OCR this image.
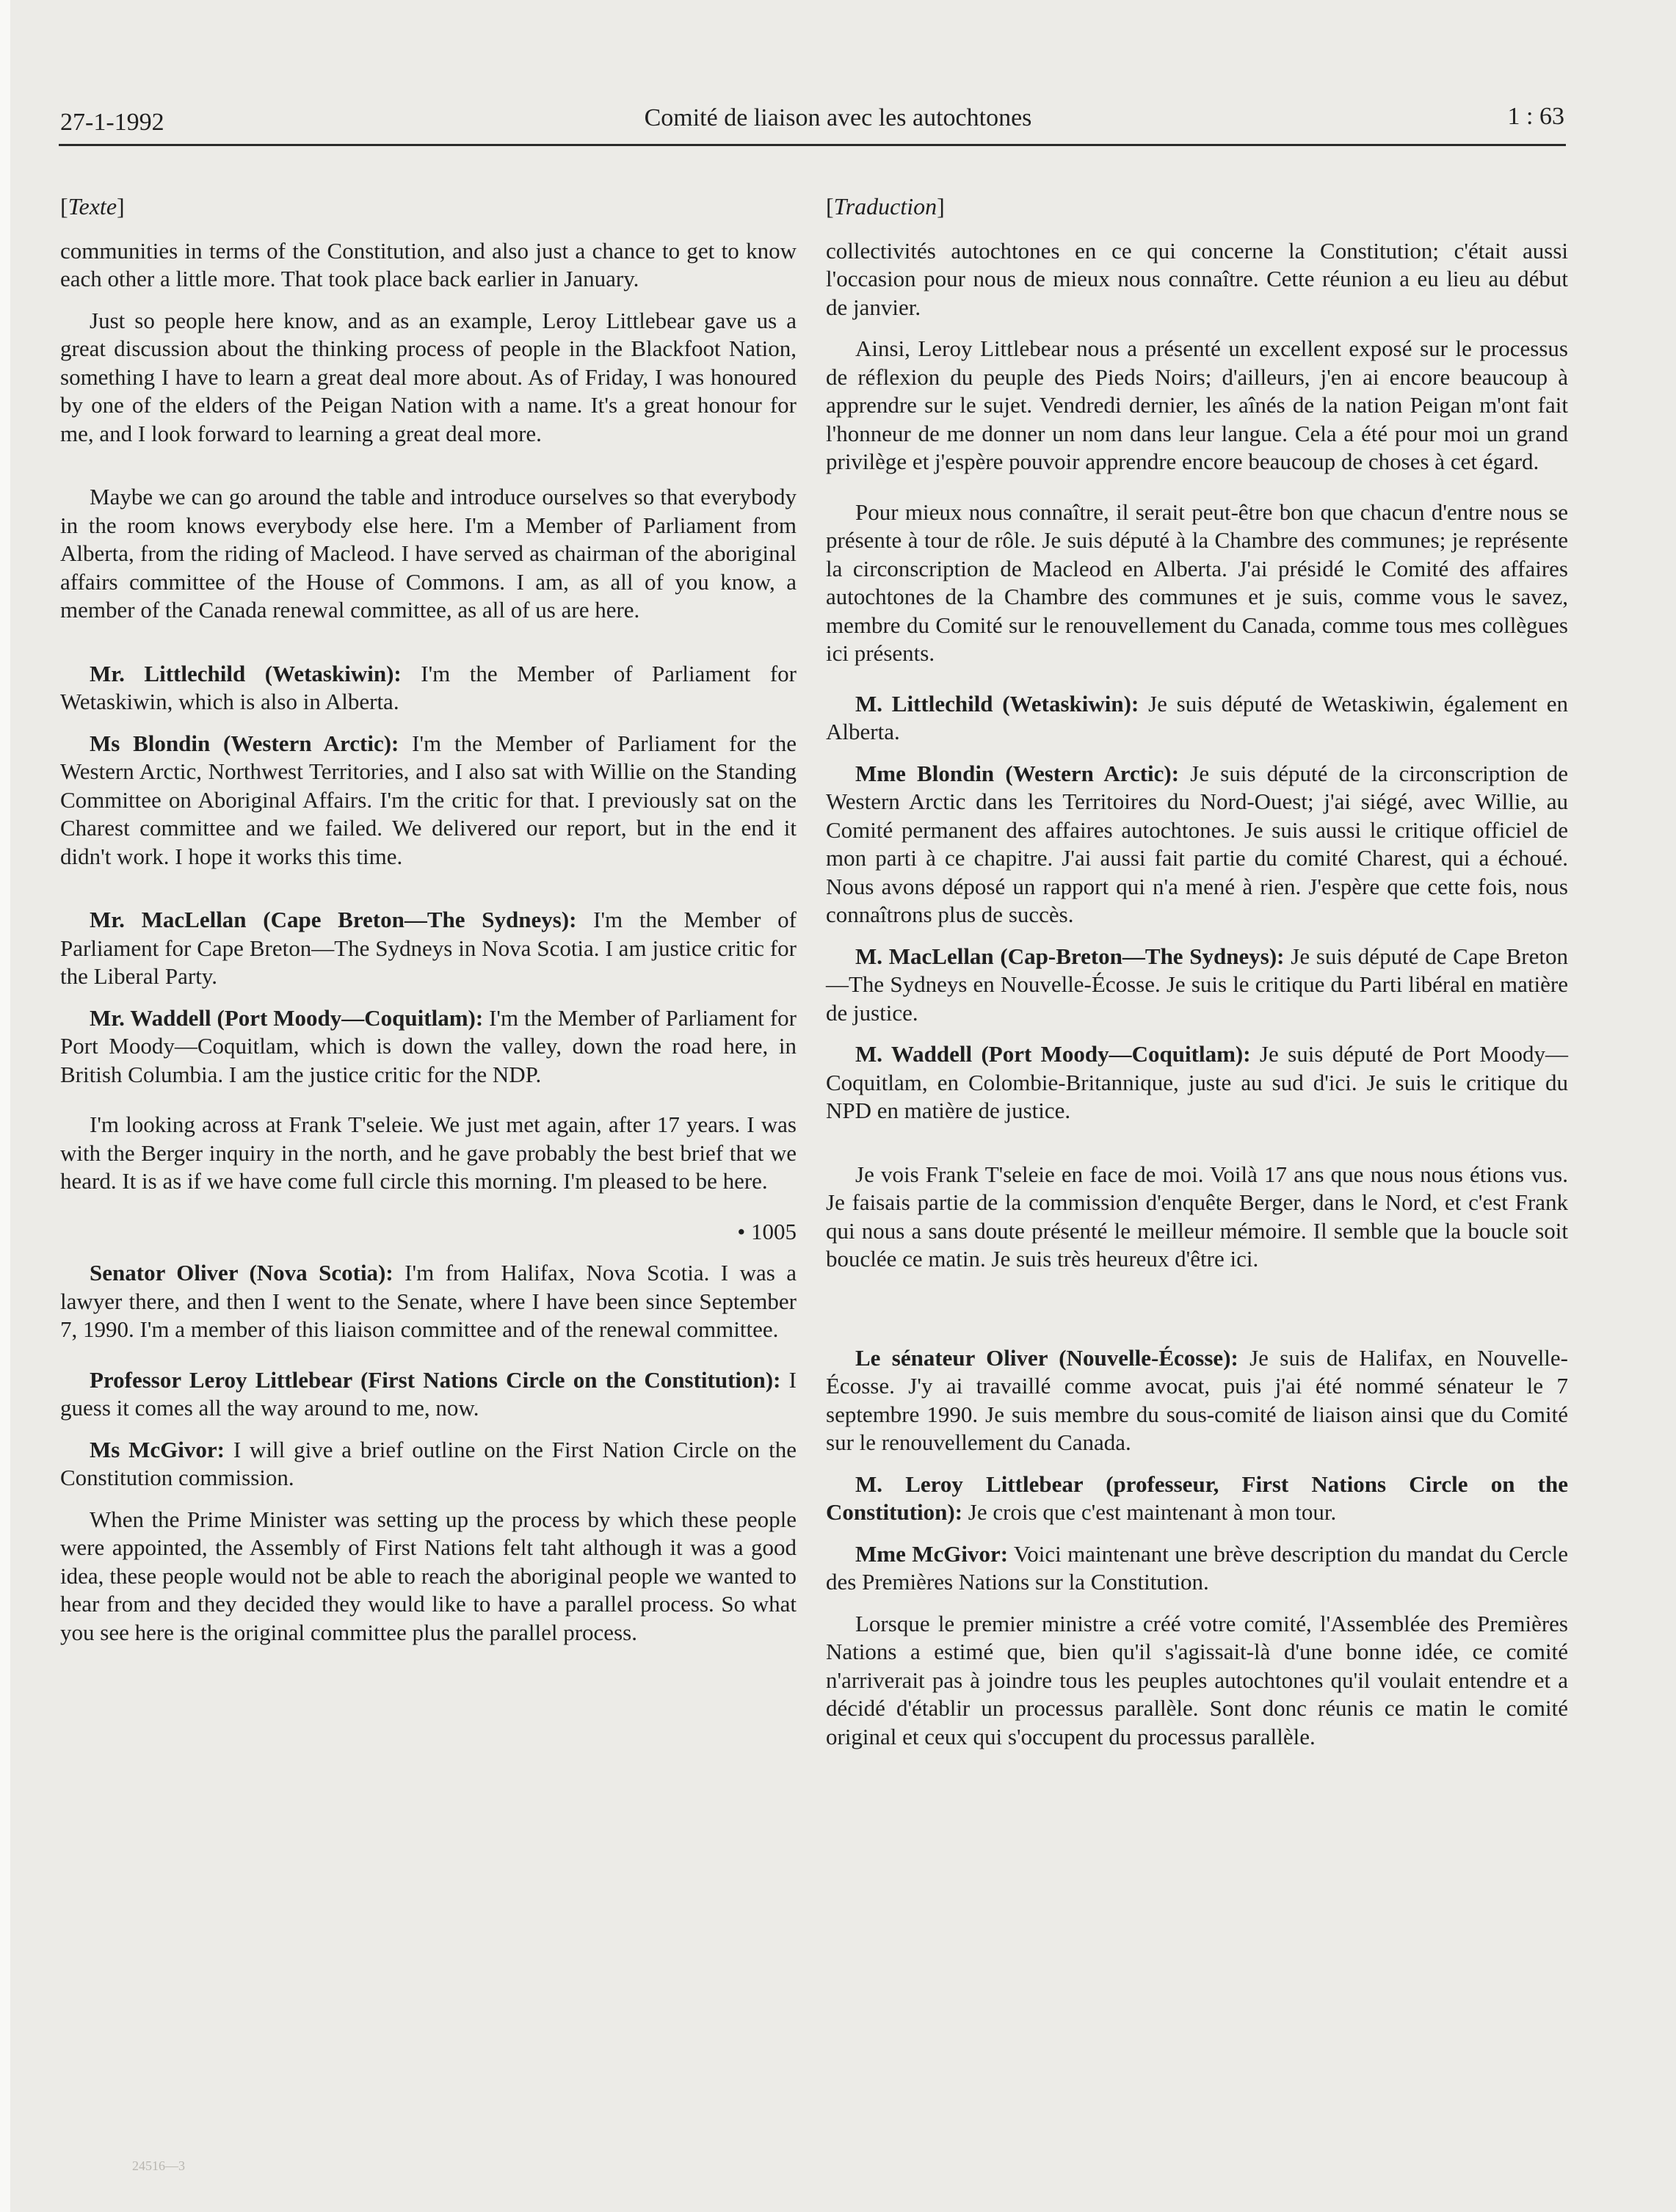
27-1-1992	Comité de liaison avec les autochtones	1 : 63
[Texte]

communities in terms of the Constitution, and also just a chance to get to know each other a little more. That took place back earlier in January.

Just so people here know, and as an example, Leroy Littlebear gave us a great discussion about the thinking process of people in the Blackfoot Nation, something I have to learn a great deal more about. As of Friday, I was honoured by one of the elders of the Peigan Nation with a name. It's a great honour for me, and I look forward to learning a great deal more.

Maybe we can go around the table and introduce ourselves so that everybody in the room knows everybody else here. I'm a Member of Parliament from Alberta, from the riding of Macleod. I have served as chairman of the aboriginal affairs committee of the House of Commons. I am, as all of you know, a member of the Canada renewal committee, as all of us are here.

Mr. Littlechild (Wetaskiwin): I'm the Member of Parliament for Wetaskiwin, which is also in Alberta.

Ms Blondin (Western Arctic): I'm the Member of Parliament for the Western Arctic, Northwest Territories, and I also sat with Willie on the Standing Committee on Aboriginal Affairs. I'm the critic for that. I previously sat on the Charest committee and we failed. We delivered our report, but in the end it didn't work. I hope it works this time.

Mr. MacLellan (Cape Breton—The Sydneys): I'm the Member of Parliament for Cape Breton—The Sydneys in Nova Scotia. I am justice critic for the Liberal Party.

Mr. Waddell (Port Moody—Coquitlam): I'm the Member of Parliament for Port Moody—Coquitlam, which is down the valley, down the road here, in British Columbia. I am the justice critic for the NDP.

I'm looking across at Frank T'seleie. We just met again, after 17 years. I was with the Berger inquiry in the north, and he gave probably the best brief that we heard. It is as if we have come full circle this morning. I'm pleased to be here.

• 1005

Senator Oliver (Nova Scotia): I'm from Halifax, Nova Scotia. I was a lawyer there, and then I went to the Senate, where I have been since September 7, 1990. I'm a member of this liaison committee and of the renewal committee.

Professor Leroy Littlebear (First Nations Circle on the Constitution): I guess it comes all the way around to me, now.

Ms McGivor: I will give a brief outline on the First Nation Circle on the Constitution commission.

When the Prime Minister was setting up the process by which these people were appointed, the Assembly of First Nations felt taht although it was a good idea, these people would not be able to reach the aboriginal people we wanted to hear from and they decided they would like to have a parallel process. So what you see here is the original committee plus the parallel process.

[Traduction]

collectivités autochtones en ce qui concerne la Constitution; c'était aussi l'occasion pour nous de mieux nous connaître. Cette réunion a eu lieu au début de janvier.

Ainsi, Leroy Littlebear nous a présenté un excellent exposé sur le processus de réflexion du peuple des Pieds Noirs; d'ailleurs, j'en ai encore beaucoup à apprendre sur le sujet. Vendredi dernier, les aînés de la nation Peigan m'ont fait l'honneur de me donner un nom dans leur langue. Cela a été pour moi un grand privilège et j'espère pouvoir apprendre encore beaucoup de choses à cet égard.

Pour mieux nous connaître, il serait peut-être bon que chacun d'entre nous se présente à tour de rôle. Je suis député à la Chambre des communes; je représente la circonscription de Macleod en Alberta. J'ai présidé le Comité des affaires autochtones de la Chambre des communes et je suis, comme vous le savez, membre du Comité sur le renouvellement du Canada, comme tous mes collègues ici présents.

M. Littlechild (Wetaskiwin): Je suis député de Wetaskiwin, également en Alberta.

Mme Blondin (Western Arctic): Je suis député de la circonscription de Western Arctic dans les Territoires du Nord-Ouest; j'ai siégé, avec Willie, au Comité permanent des affaires autochtones. Je suis aussi le critique officiel de mon parti à ce chapitre. J'ai aussi fait partie du comité Charest, qui a échoué. Nous avons déposé un rapport qui n'a mené à rien. J'espère que cette fois, nous connaîtrons plus de succès.

M. MacLellan (Cap-Breton—The Sydneys): Je suis député de Cape Breton—The Sydneys en Nouvelle-Écosse. Je suis le critique du Parti libéral en matière de justice.

M. Waddell (Port Moody—Coquitlam): Je suis député de Port Moody—Coquitlam, en Colombie-Britannique, juste au sud d'ici. Je suis le critique du NPD en matière de justice.

Je vois Frank T'seleie en face de moi. Voilà 17 ans que nous nous étions vus. Je faisais partie de la commission d'enquête Berger, dans le Nord, et c'est Frank qui nous a sans doute présenté le meilleur mémoire. Il semble que la boucle soit bouclée ce matin. Je suis très heureux d'être ici.

Le sénateur Oliver (Nouvelle-Écosse): Je suis de Halifax, en Nouvelle-Écosse. J'y ai travaillé comme avocat, puis j'ai été nommé sénateur le 7 septembre 1990. Je suis membre du sous-comité de liaison ainsi que du Comité sur le renouvellement du Canada.

M. Leroy Littlebear (professeur, First Nations Circle on the Constitution): Je crois que c'est maintenant à mon tour.

Mme McGivor: Voici maintenant une brève description du mandat du Cercle des Premières Nations sur la Constitution.

Lorsque le premier ministre a créé votre comité, l'Assemblée des Premières Nations a estimé que, bien qu'il s'agissait-là d'une bonne idée, ce comité n'arriverait pas à joindre tous les peuples autochtones qu'il voulait entendre et a décidé d'établir un processus parallèle. Sont donc réunis ce matin le comité original et ceux qui s'occupent du processus parallèle.

24516—3
